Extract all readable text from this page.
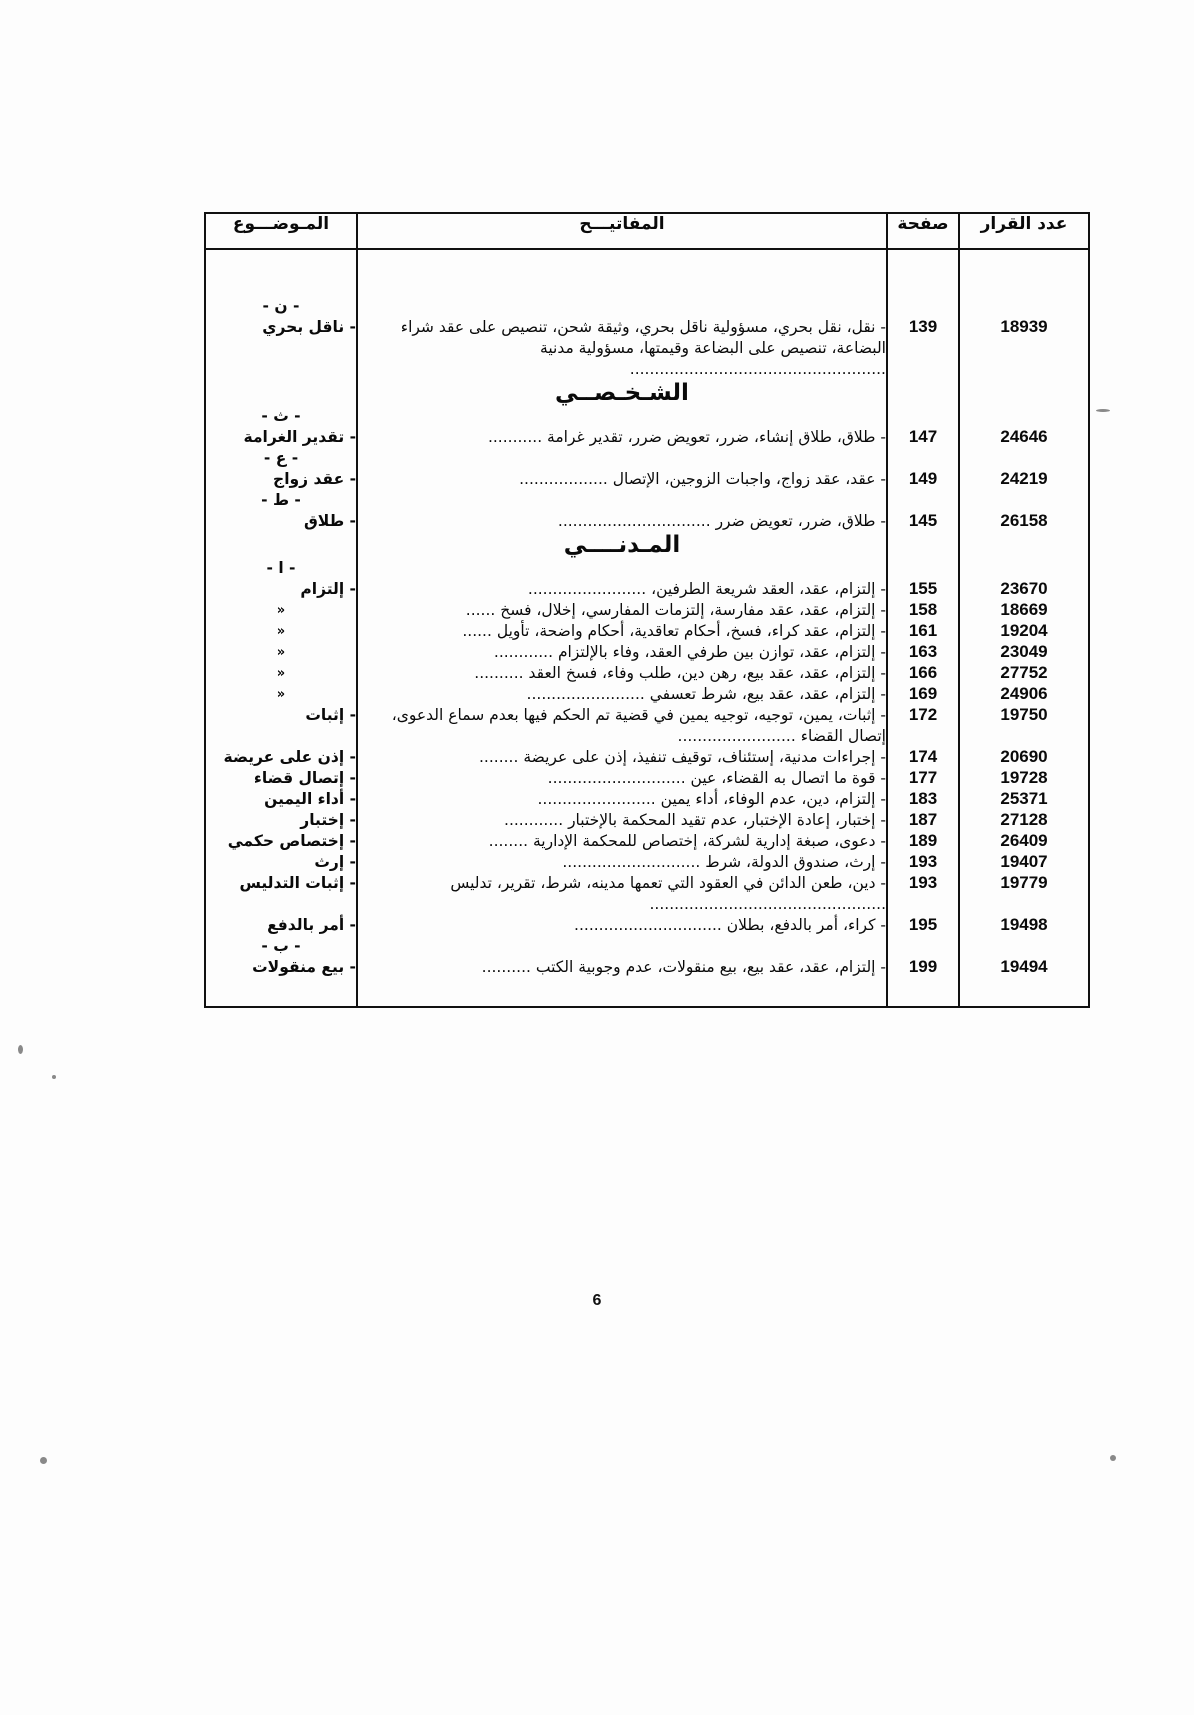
عدد القرار	صفحة	المفاتيـــح	المـوضـــوع

			- ن -
18939	139	- نقل، نقل بحري، مسؤولية ناقل بحري، وثيقة شحن، تنصيص على عقد شراء البضاعة، تنصيص على البضاعة وقيمتها، مسؤولية مدنية ....................................................	- ناقل بحري
		الشـخـصــي	
			- ث -
24646	147	- طلاق، طلاق إنشاء، ضرر، تعويض ضرر، تقدير غرامة ...........	- تقدير الغرامة
			- ع -
24219	149	- عقد، عقد زواج، واجبات الزوجين، الإتصال ..................	- عقد زواج
			- ط -
26158	145	- طلاق، ضرر، تعويض ضرر ...............................	- طلاق
		المـدنــــي	
			- ا -
23670	155	- إلتزام، عقد، العقد شريعة الطرفين، ........................	- إلتزام
18669	158	- إلتزام، عقد، عقد مفارسة، إلتزمات المفارسي، إخلال، فسخ ......	«
19204	161	- إلتزام، عقد كراء، فسخ، أحكام تعاقدية، أحكام واضحة، تأويل ......	«
23049	163	- إلتزام، عقد، توازن بين طرفي العقد، وفاء بالإلتزام ............	«
27752	166	- إلتزام، عقد، عقد بيع، رهن دين، طلب وفاء، فسخ العقد ..........	«
24906	169	- إلتزام، عقد، عقد بيع، شرط تعسفي ........................	«
19750	172	- إثبات، يمين، توجيه، توجيه يمين في قضية تم الحكم فيها بعدم سماع الدعوى، إتصال القضاء ........................	- إثبات
20690	174	- إجراءات مدنية، إستئناف، توقيف تنفيذ، إذن على عريضة ........	- إذن على عريضة
19728	177	- قوة ما اتصال به القضاء، عين ............................	- إتصال قضاء
25371	183	- إلتزام، دين، عدم الوفاء، أداء يمين ........................	- أداء اليمين
27128	187	- إختبار، إعادة الإختبار، عدم تقيد المحكمة بالإختبار ............	- إختبار
26409	189	- دعوى، صبغة إدارية لشركة، إختصاص للمحكمة الإدارية ........	- إختصاص حكمي
19407	193	- إرث، صندوق الدولة، شرط ............................	- إرث
19779	193	- دين، طعن الدائن في العقود التي تعمها مدينه، شرط، تقرير، تدليس ................................................	- إثبات التدليس
19498	195	- كراء، أمر بالدفع، بطلان ..............................	- أمر بالدفع
			- ب -
19494	199	- إلتزام، عقد، عقد بيع، بيع منقولات، عدم وجوبية الكتب ..........	- بيع منقولات

6
